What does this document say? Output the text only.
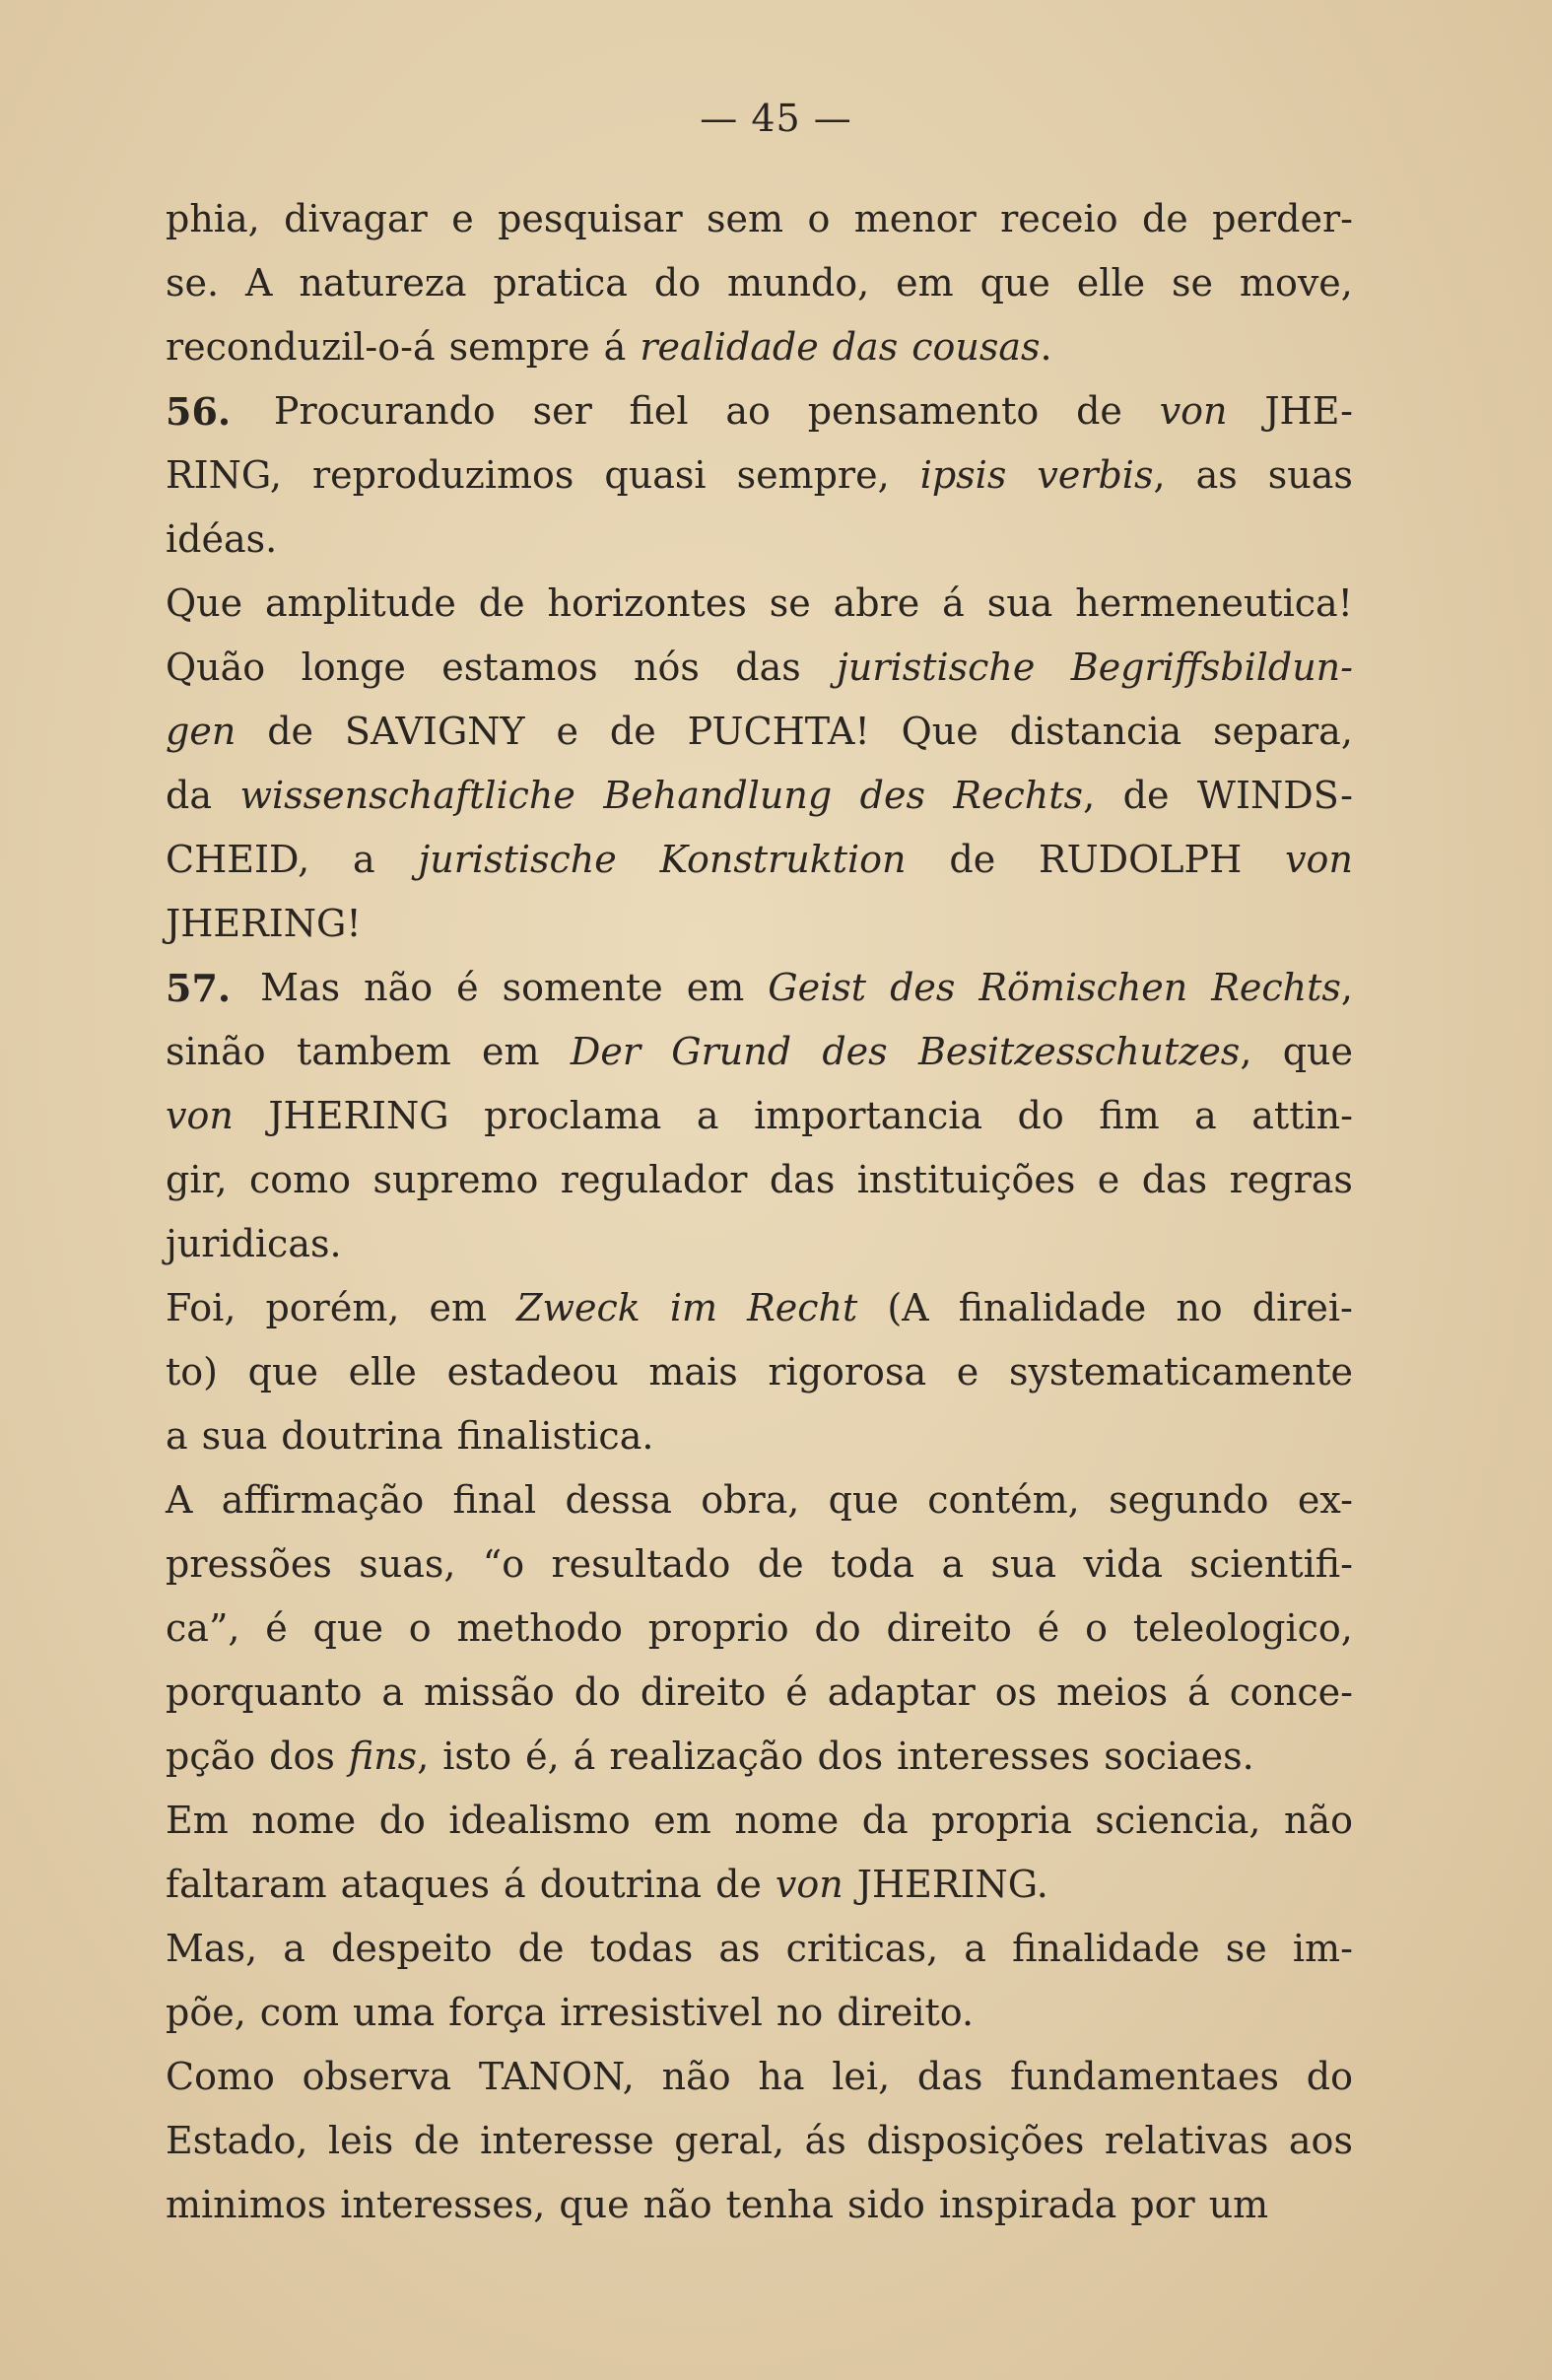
— 45 —
phia, divagar e pesquisar sem o menor receio de perder-
se. A natureza pratica do mundo, em que elle se move,
reconduzil-o-á sempre á realidade das cousas.
56. Procurando ser fiel ao pensamento de von JHE-
RING, reproduzimos quasi sempre, ipsis verbis, as suas
idéas.
Que amplitude de horizontes se abre á sua hermeneutica!
Quão longe estamos nós das juristische Begriffsbildun-
gen de SAVIGNY e de PUCHTA! Que distancia separa,
da wissenschaftliche Behandlung des Rechts, de WINDS-
CHEID, a juristische Konstruktion de RUDOLPH von
JHERING!
57. Mas não é somente em Geist des Römischen Rechts,
sinão tambem em Der Grund des Besitzesschutzes, que
von JHERING proclama a importancia do fim a attin-
gir, como supremo regulador das instituições e das regras
juridicas.
Foi, porém, em Zweck im Recht (A finalidade no direi-
to) que elle estadeou mais rigorosa e systematicamente
a sua doutrina finalistica.
A affirmação final dessa obra, que contém, segundo ex-
pressões suas, “o resultado de toda a sua vida scientifi-
ca”, é que o methodo proprio do direito é o teleologico,
porquanto a missão do direito é adaptar os meios á conce-
pção dos fins, isto é, á realização dos interesses sociaes.
Em nome do idealismo em nome da propria sciencia, não
faltaram ataques á doutrina de von JHERING.
Mas, a despeito de todas as criticas, a finalidade se im-
põe, com uma força irresistivel no direito.
Como observa TANON, não ha lei, das fundamentaes do
Estado, leis de interesse geral, ás disposições relativas aos
minimos interesses, que não tenha sido inspirada por um
